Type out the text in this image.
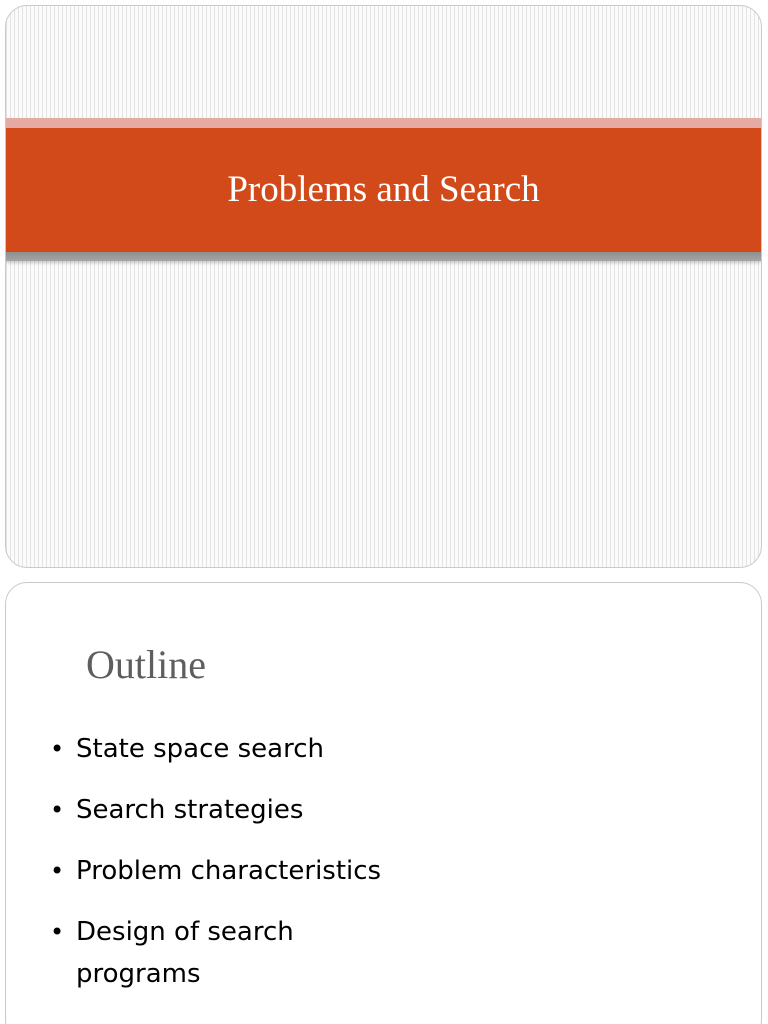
Problems and Search
Outline
• State space search
• Search strategies
• Problem characteristics
• Design of search programs
